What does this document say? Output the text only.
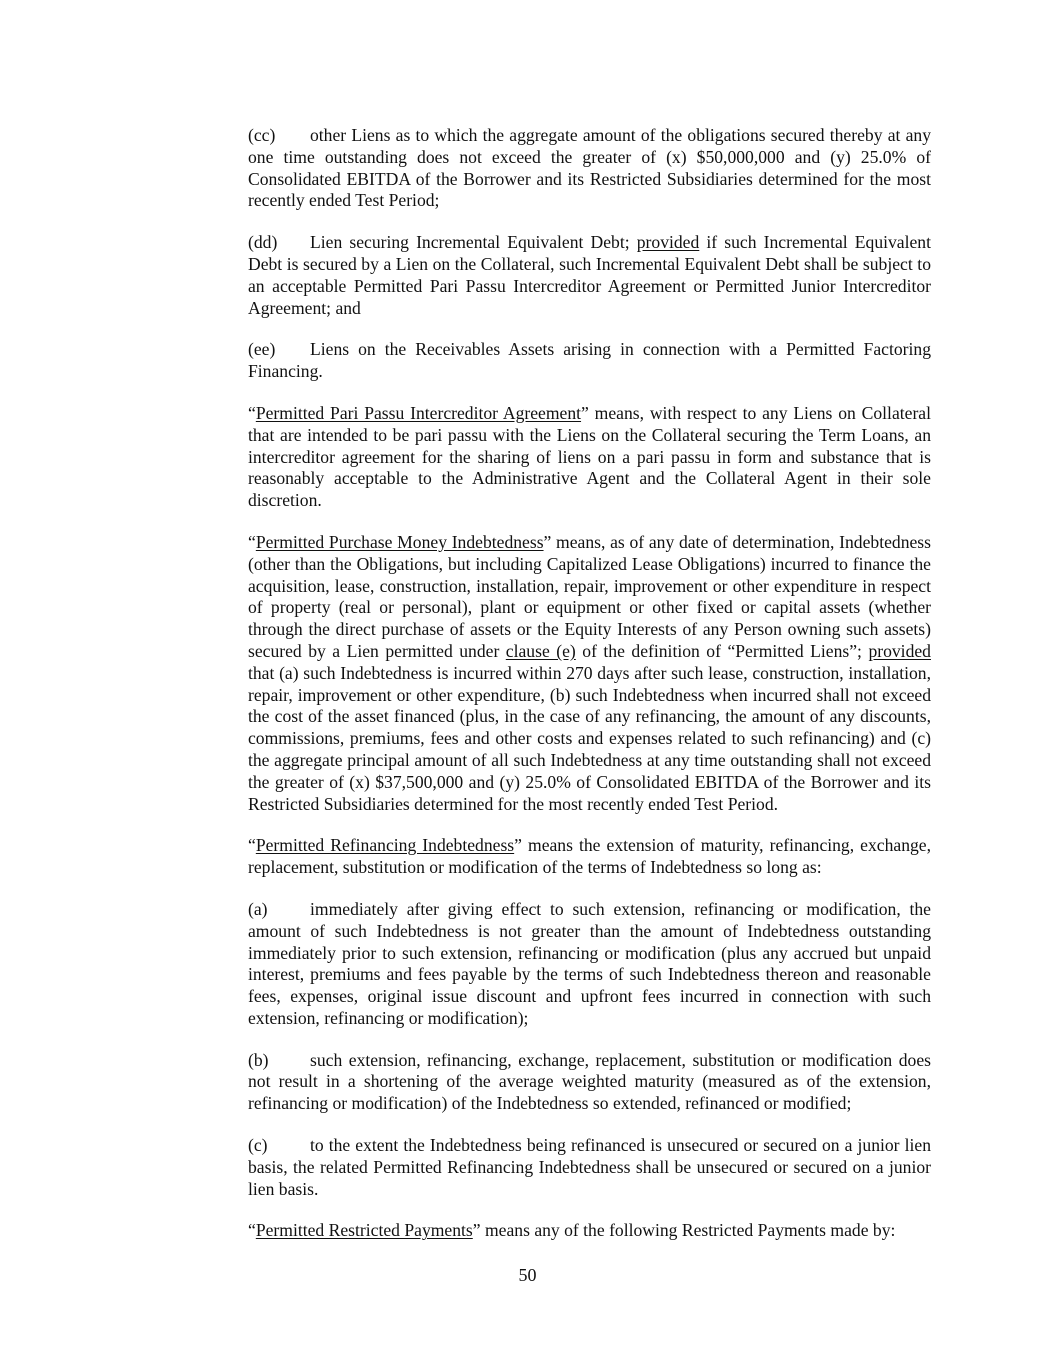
(cc) other Liens as to which the aggregate amount of the obligations secured thereby at any one time outstanding does not exceed the greater of (x) $50,000,000 and (y) 25.0% of Consolidated EBITDA of the Borrower and its Restricted Subsidiaries determined for the most recently ended Test Period;

(dd) Lien securing Incremental Equivalent Debt; provided if such Incremental Equivalent Debt is secured by a Lien on the Collateral, such Incremental Equivalent Debt shall be subject to an acceptable Permitted Pari Passu Intercreditor Agreement or Permitted Junior Intercreditor Agreement; and

(ee) Liens on the Receivables Assets arising in connection with a Permitted Factoring Financing.

“Permitted Pari Passu Intercreditor Agreement” means, with respect to any Liens on Collateral that are intended to be pari passu with the Liens on the Collateral securing the Term Loans, an intercreditor agreement for the sharing of liens on a pari passu in form and substance that is reasonably acceptable to the Administrative Agent and the Collateral Agent in their sole discretion.

“Permitted Purchase Money Indebtedness” means, as of any date of determination, Indebtedness (other than the Obligations, but including Capitalized Lease Obligations) incurred to finance the acquisition, lease, construction, installation, repair, improvement or other expenditure in respect of property (real or personal), plant or equipment or other fixed or capital assets (whether through the direct purchase of assets or the Equity Interests of any Person owning such assets) secured by a Lien permitted under clause (e) of the definition of “Permitted Liens”; provided that (a) such Indebtedness is incurred within 270 days after such lease, construction, installation, repair, improvement or other expenditure, (b) such Indebtedness when incurred shall not exceed the cost of the asset financed (plus, in the case of any refinancing, the amount of any discounts, commissions, premiums, fees and other costs and expenses related to such refinancing) and (c) the aggregate principal amount of all such Indebtedness at any time outstanding shall not exceed the greater of (x) $37,500,000 and (y) 25.0% of Consolidated EBITDA of the Borrower and its Restricted Subsidiaries determined for the most recently ended Test Period.

“Permitted Refinancing Indebtedness” means the extension of maturity, refinancing, exchange, replacement, substitution or modification of the terms of Indebtedness so long as:

(a) immediately after giving effect to such extension, refinancing or modification, the amount of such Indebtedness is not greater than the amount of Indebtedness outstanding immediately prior to such extension, refinancing or modification (plus any accrued but unpaid interest, premiums and fees payable by the terms of such Indebtedness thereon and reasonable fees, expenses, original issue discount and upfront fees incurred in connection with such extension, refinancing or modification);

(b) such extension, refinancing, exchange, replacement, substitution or modification does not result in a shortening of the average weighted maturity (measured as of the extension, refinancing or modification) of the Indebtedness so extended, refinanced or modified;

(c) to the extent the Indebtedness being refinanced is unsecured or secured on a junior lien basis, the related Permitted Refinancing Indebtedness shall be unsecured or secured on a junior lien basis.

“Permitted Restricted Payments” means any of the following Restricted Payments made by:

50
